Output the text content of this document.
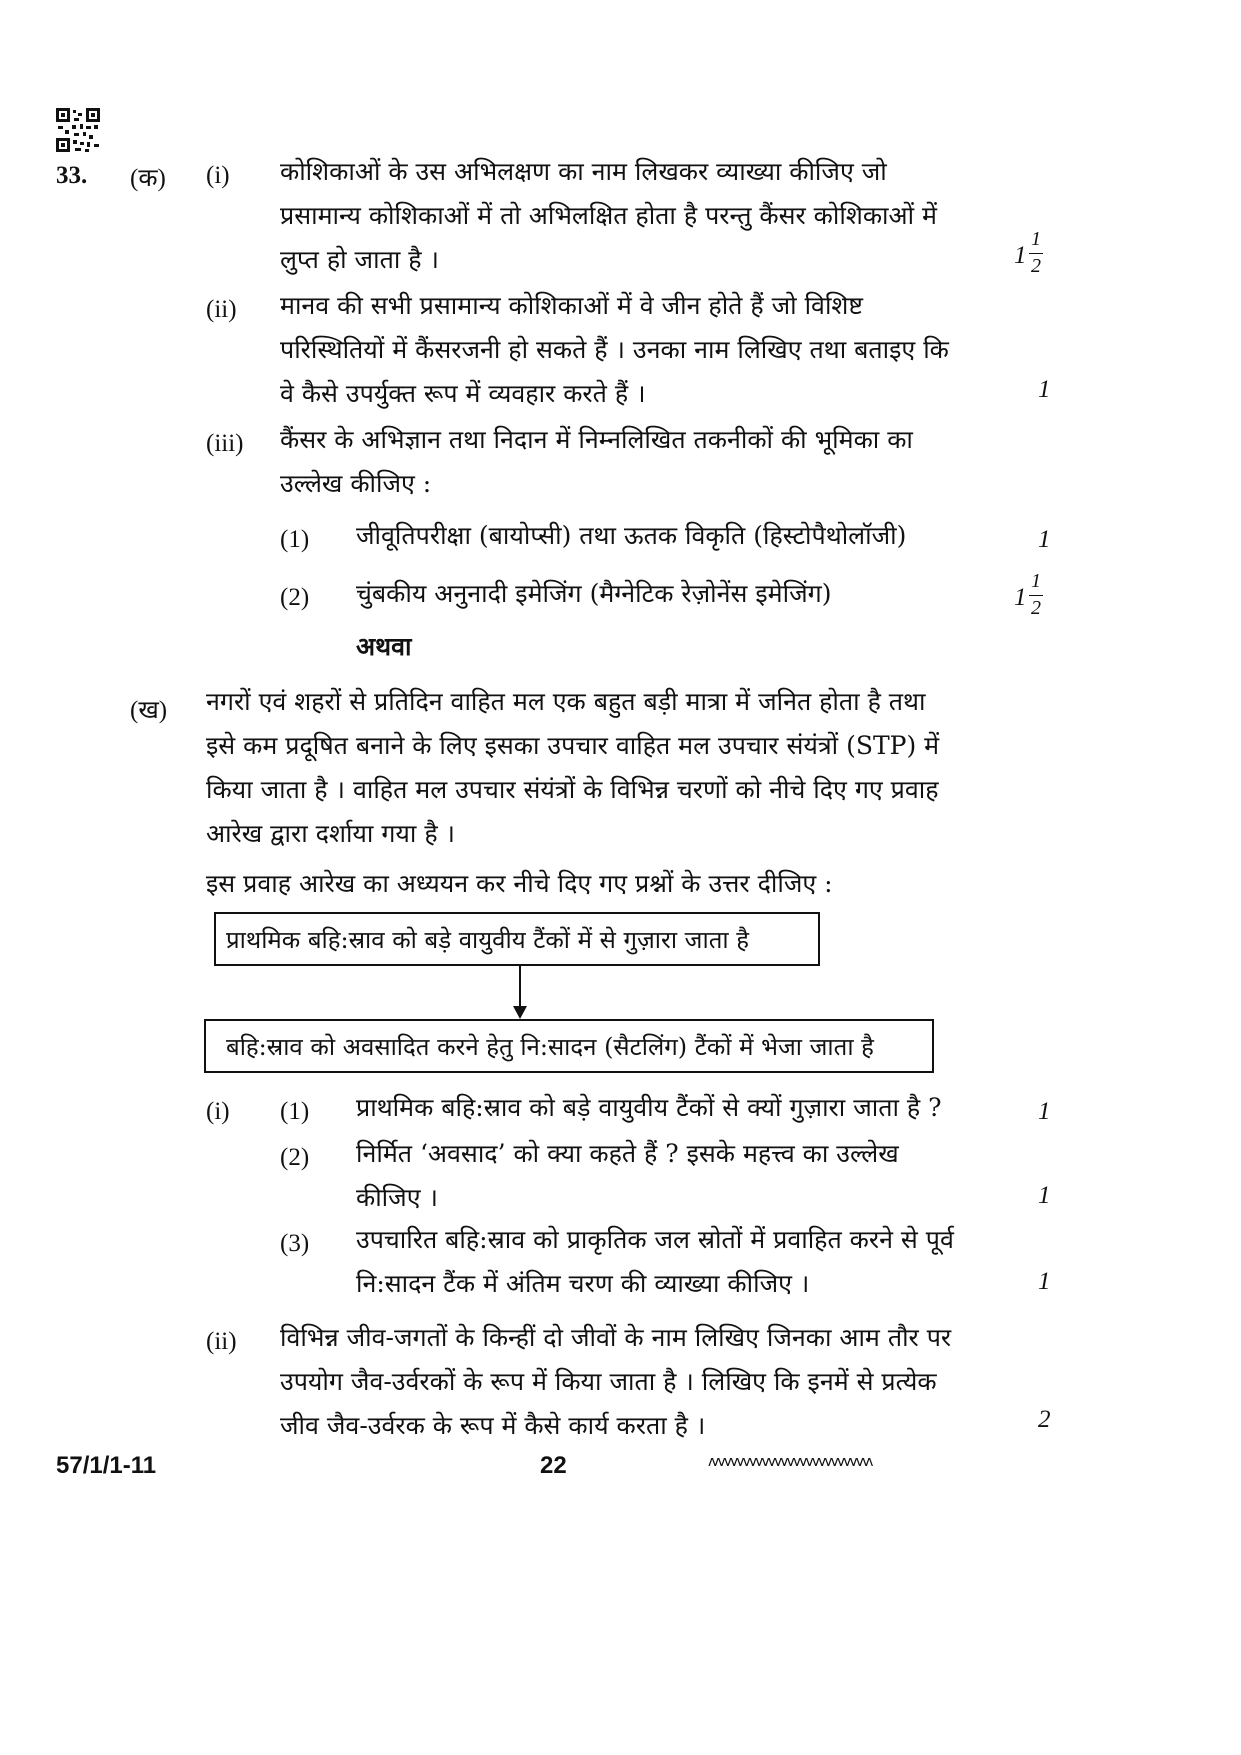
33. (क) (i) कोशिकाओं के उस अभिलक्षण का नाम लिखकर व्याख्या कीजिए जो
प्रसामान्य कोशिकाओं में तो अभिलक्षित होता है परन्तु कैंसर कोशिकाओं में
लुप्त हो जाता है ।	1
1
2
(ii) मानव की सभी प्रसामान्य कोशिकाओं में वे जीन होते हैं जो विशिष्ट
परिस्थितियों में कैंसरजनी हो सकते हैं । उनका नाम लिखिए तथा बताइए कि
वे कैसे उपर्युक्त रूप में व्यवहार करते हैं ।	1
(iii) कैंसर के अभिज्ञान तथा निदान में निम्नलिखित तकनीकों की भूमिका का
उल्लेख कीजिए :
(1) जीवूतिपरीक्षा (बायोप्सी) तथा ऊतक विकृति (हिस्टोपैथोलॉजी)	1
(2) चुंबकीय अनुनादी इमेजिंग (मैग्नेटिक रेज़ोनेंस इमेजिंग)	1
1
2
अथवा
(ख) नगरों एवं शहरों से प्रतिदिन वाहित मल एक बहुत बड़ी मात्रा में जनित होता है तथा
इसे कम प्रदूषित बनाने के लिए इसका उपचार वाहित मल उपचार संयंत्रों (STP) में
किया जाता है । वाहित मल उपचार संयंत्रों के विभिन्न चरणों को नीचे दिए गए प्रवाह
आरेख द्वारा दर्शाया गया है ।
इस प्रवाह आरेख का अध्ययन कर नीचे दिए गए प्रश्नों के उत्तर दीजिए :
प्राथमिक बहि:स्राव को बड़े वायुवीय टैंकों में से गुज़ारा जाता है
बहि:स्राव को अवसादित करने हेतु नि:सादन (सैटलिंग) टैंकों में भेजा जाता है
(i) (1) प्राथमिक बहि:स्राव को बड़े वायुवीय टैंकों से क्यों गुज़ारा जाता है ?	1
(2) निर्मित ‘अवसाद’ को क्या कहते हैं ? इसके महत्त्व का उल्लेख
कीजिए ।	1
(3) उपचारित बहि:स्राव को प्राकृतिक जल स्रोतों में प्रवाहित करने से पूर्व
नि:सादन टैंक में अंतिम चरण की व्याख्या कीजिए ।	1
(ii) विभिन्न जीव-जगतों के किन्हीं दो जीवों के नाम लिखिए जिनका आम तौर पर
उपयोग जैव-उर्वरकों के रूप में किया जाता है । लिखिए कि इनमें से प्रत्येक
जीव जैव-उर्वरक के रूप में कैसे कार्य करता है ।	2
57/1/1-11	22	ʌʌʌʌʌʌʌʌʌʌʌʌʌʌʌʌʌʌʌʌʌʌʌʌʌʌ
